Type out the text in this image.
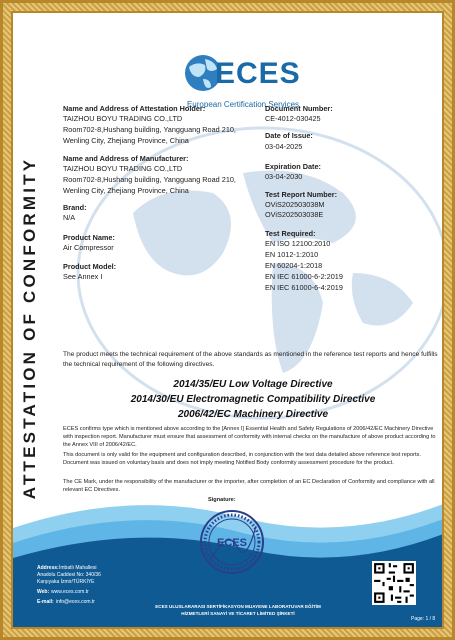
ATTESTATION OF CONFORMITY
ECES
European Certification Services
Name and Address of Attestation Holder:
TAIZHOU BOYU TRADING CO.,LTD
Room702-8,Hushang building, Yangguang Road 210,
Wenling City, Zhejiang Province, China
Name and Address of Manufacturer:
TAIZHOU BOYU TRADING CO.,LTD
Room702-8,Hushang building, Yangguang Road 210,
Wenling City, Zhejiang Province, China
Brand:
N/A
Product Name:
Air Compressor
Product Model:
See Annex I
Document Number:
CE-4012-030425
Date of Issue:
03-04-2025
Expiration Date:
03-04-2030
Test Report Number:
OViS202503038M
OViS202503038E
Test Required:
EN ISO 12100:2010
EN 1012-1:2010
EN 60204-1:2018
EN IEC 61000-6-2:2019
EN IEC 61000-6-4:2019
The product meets the technical requirement of the above standards as mentioned in the reference test reports and hence fulfills the technical requirement of the following directives.
2014/35/EU Low Voltage Directive
2014/30/EU Electromagnetic Compatibility Directive
2006/42/EC Machinery Directive
ECES confirms type which is mentioned above according to the [Annex I] Essential Health and Safety Regulations of 2006/42/EC Machinery Directive with inspection report. Manufacturer must ensure that assessment of conformity with internal checks on the manufacture of above product according to the Annex VIII of 2006/42/EC.
This document is only valid for the equipment and configuration described, in conjunction with the test data detailed above reference test reports. Document was issued on voluntary basis and does not imply meeting Notified Body conformity assessment procedure for the product.
The CE Mark, under the responsibility of the manufacturer or the importer, after completion of an EC Declaration of Conformity and compliance with all relevant EC Directives.
Signature:
ECES
Address: İmbatlı Mahallesi
Anadolu Caddesi No: 340/36
Karşıyaka İzmir/TÜRKİYE
Web: www.eces.com.tr
E-mail: info@eces.com.tr
ECES ULUSLARARASI SERTİFİKASYON MUAYENE LABORATUVAR EĞİTİM
HİZMETLERİ SANAYİ VE TİCARET LİMİTED ŞİRKETİ
Page: 1 / 8
